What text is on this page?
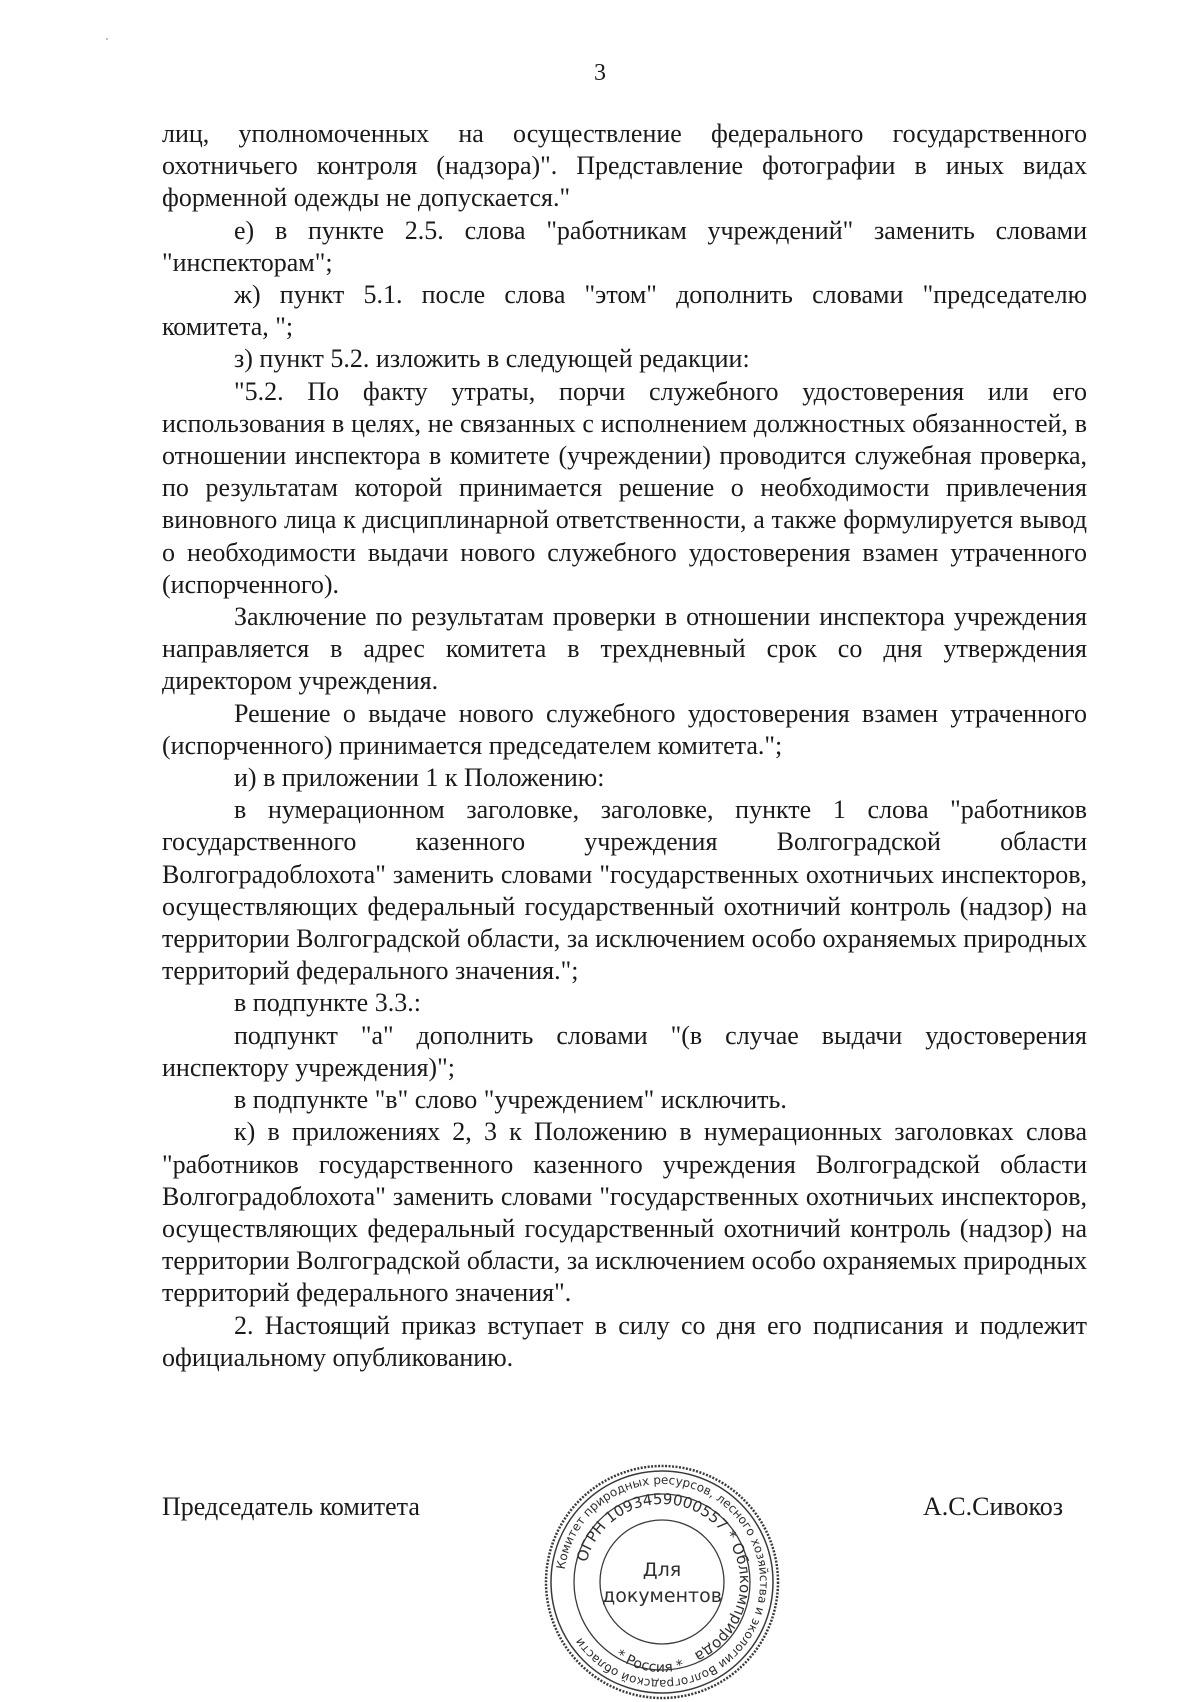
3

лиц, уполномоченных на осуществление федерального государственного охотничьего контроля (надзора)". Представление фотографии в иных видах форменной одежды не допускается."

е) в пункте 2.5. слова "работникам учреждений" заменить словами "инспекторам";

ж) пункт 5.1. после слова "этом" дополнить словами "председателю комитета, ";

з) пункт 5.2. изложить в следующей редакции:

"5.2. По факту утраты, порчи служебного удостоверения или его использования в целях, не связанных с исполнением должностных обязанностей, в отношении инспектора в комитете (учреждении) проводится служебная проверка, по результатам которой принимается решение о необходимости привлечения виновного лица к дисциплинарной ответственности, а также формулируется вывод о необходимости выдачи нового служебного удостоверения взамен утраченного (испорченного).

Заключение по результатам проверки в отношении инспектора учреждения направляется в адрес комитета в трехдневный срок со дня утверждения директором учреждения.

Решение о выдаче нового служебного удостоверения взамен утраченного (испорченного) принимается председателем комитета.";

и) в приложении 1 к Положению:

в нумерационном заголовке, заголовке, пункте 1 слова "работников государственного казенного учреждения Волгоградской области Волгоградоблохота" заменить словами "государственных охотничьих инспекторов, осуществляющих федеральный государственный охотничий контроль (надзор) на территории Волгоградской области, за исключением особо охраняемых природных территорий федерального значения.";

в подпункте 3.3.:

подпункт "а" дополнить словами "(в случае выдачи удостоверения инспектору учреждения)";

в подпункте "в" слово "учреждением" исключить.

к) в приложениях 2, 3 к Положению в нумерационных заголовках слова "работников государственного казенного учреждения Волгоградской области Волгоградоблохота" заменить словами "государственных охотничьих инспекторов, осуществляющих федеральный государственный охотничий контроль (надзор) на территории Волгоградской области, за исключением особо охраняемых природных территорий федерального значения".

2. Настоящий приказ вступает в силу со дня его подписания и подлежит официальному опубликованию.

Председатель комитета
Комитет природных ресурсов, лесного хозяйства и экологии Волгоградской области
ОГРН 1093459000557 * Облкомприрода
Для
документов
* Россия *
А.С.Сивокоз
